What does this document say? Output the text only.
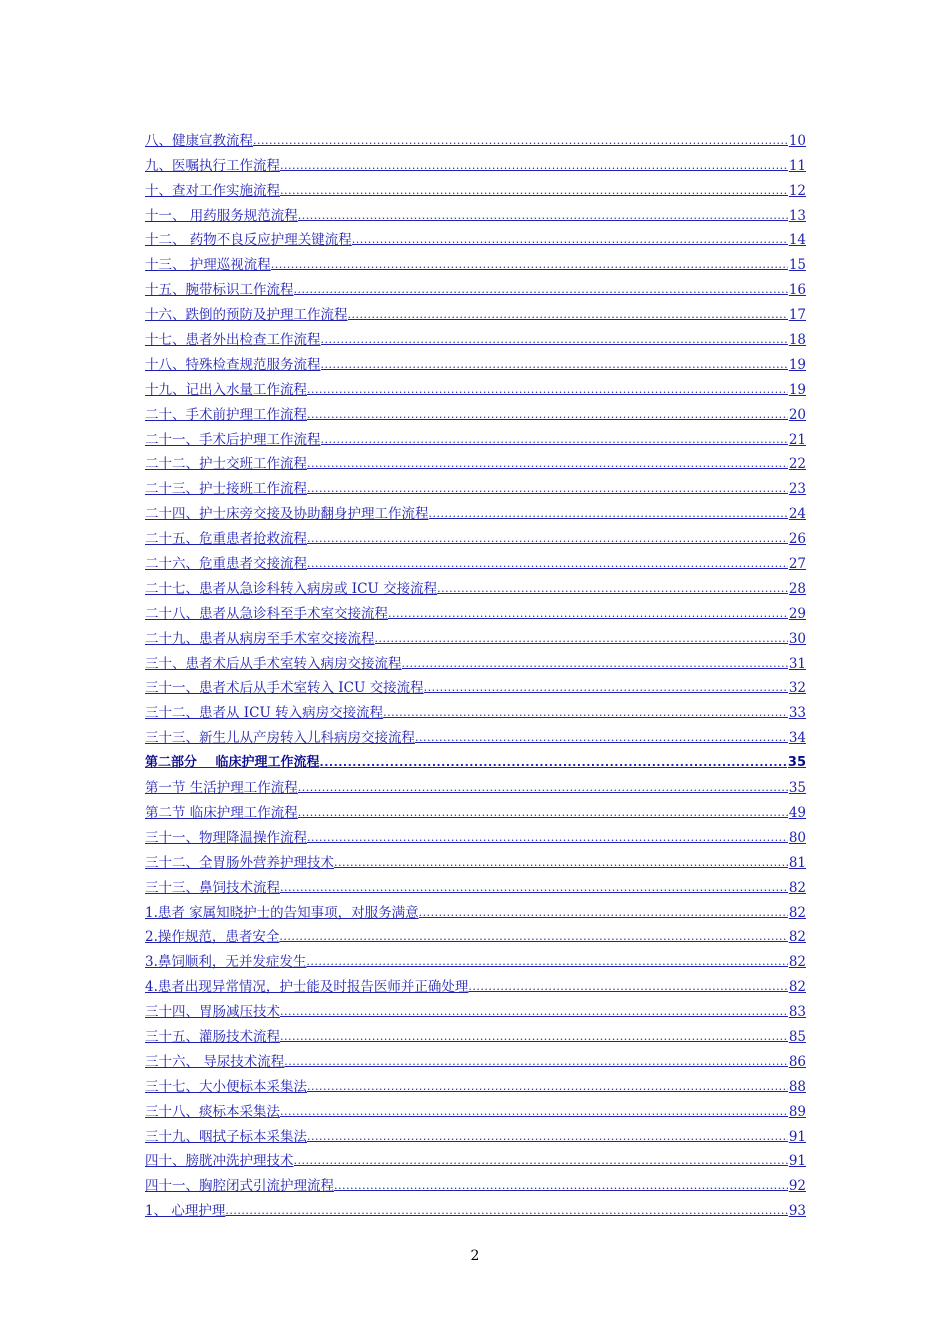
八、健康宣教流程 .....	10
九、医嘱执行工作流程 .....	11
十、查对工作实施流程 .....	12
十一、 用药服务规范流程 .....	13
十二、 药物不良反应护理关键流程 .....	14
十三、 护理巡视流程 .....	15
十五、腕带标识工作流程 .....	16
十六、跌倒的预防及护理工作流程 .....	17
十七、患者外出检查工作流程 .....	18
十八、特殊检查规范服务流程 .....	19
十九、记出入水量工作流程 .....	19
二十、手术前护理工作流程 .....	20
二十一、手术后护理工作流程 .....	21
二十二、护士交班工作流程 .....	22
二十三、护士接班工作流程 .....	23
二十四、护士床旁交接及协助翻身护理工作流程 .....	24
二十五、危重患者抢救流程 .....	26
二十六、危重患者交接流程 .....	27
二十七、患者从急诊科转入病房或 ICU 交接流程 .....	28
二十八、患者从急诊科至手术室交接流程 .....	29
二十九、患者从病房至手术室交接流程 .....	30
三十、患者术后从手术室转入病房交接流程 .....	31
三十一、患者术后从手术室转入 ICU 交接流程 .....	32
三十二、患者从 ICU 转入病房交接流程 .....	33
三十三、新生儿从产房转入儿科病房交接流程 .....	34
第二部分 临床护理工作流程 .....	35
第一节 生活护理工作流程 .....	35
第二节 临床护理工作流程 .....	49
三十一、物理降温操作流程 .....	80
三十二、全胃肠外营养护理技术 .....	81
三十三、鼻饲技术流程 .....	82
1.患者 家属知晓护士的告知事项，对服务满意 .....	82
2.操作规范，患者安全 .....	82
3.鼻饲顺利，无并发症发生 .....	82
4.患者出现异常情况，护士能及时报告医师并正确处理 .....	82
三十四、胃肠减压技术 .....	83
三十五、灌肠技术流程 .....	85
三十六、 导尿技术流程 .....	86
三十七、大小便标本采集法 .....	88
三十八、痰标本采集法 .....	89
三十九、咽拭子标本采集法 .....	91
四十、膀胱冲洗护理技术 .....	91
四十一、胸腔闭式引流护理流程 .....	92
1、 心理护理 .....	93
2
